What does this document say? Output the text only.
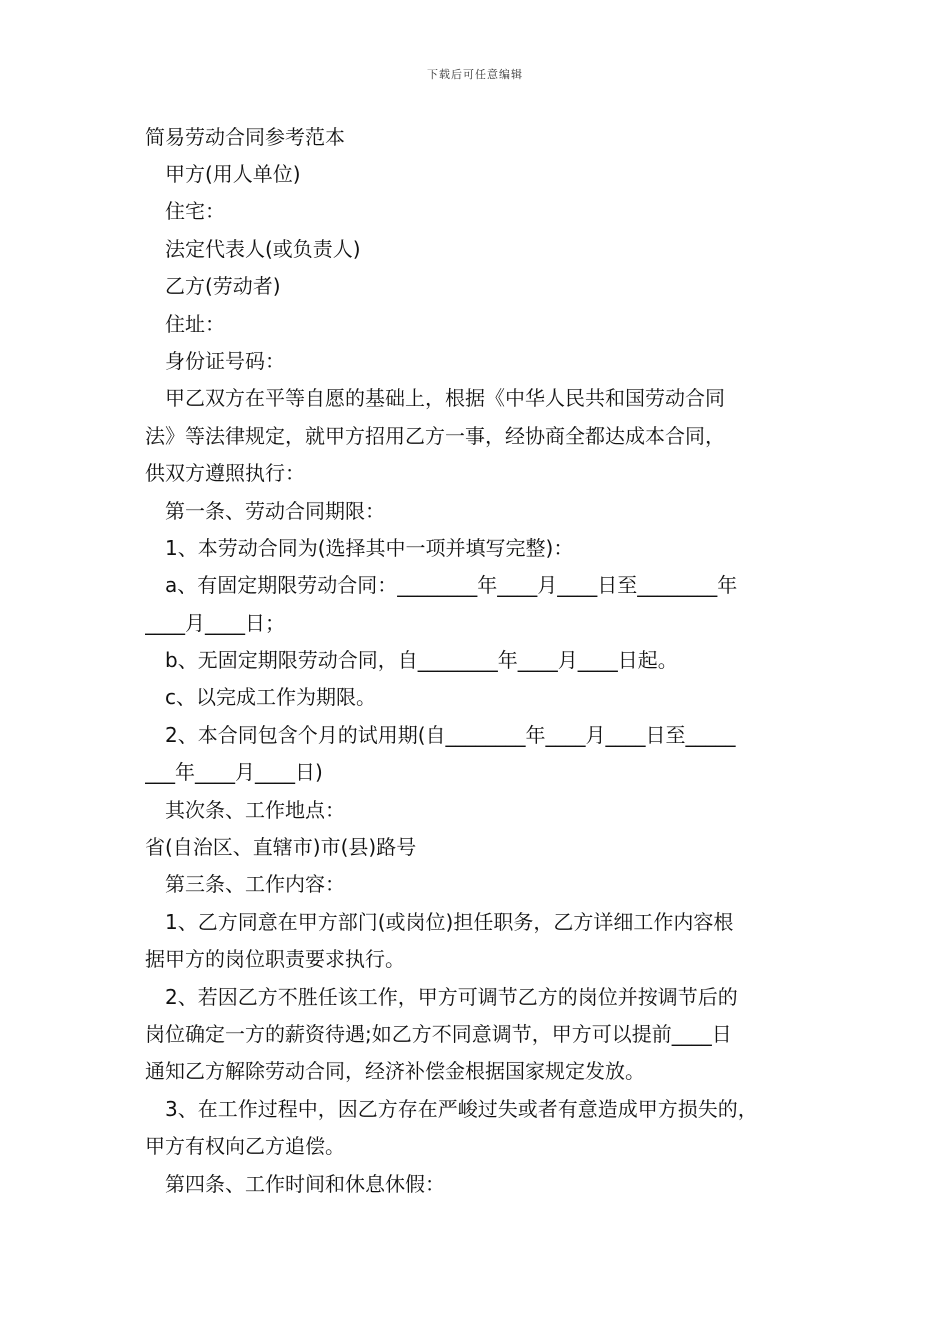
下载后可任意编辑
简易劳动合同参考范本
甲方(用人单位)
住宅：
法定代表人(或负责人)
乙方(劳动者)
住址：
身份证号码：
甲乙双方在平等自愿的基础上，根据《中华人民共和国劳动合同
法》等法律规定，就甲方招用乙方一事，经协商全都达成本合同，
供双方遵照执行：
第一条、劳动合同期限：
1、本劳动合同为(选择其中一项并填写完整)：
a、有固定期限劳动合同：________年____月____日至________年
____月____日；
b、无固定期限劳动合同，自________年____月____日起。
c、以完成工作为期限。
2、本合同包含个月的试用期(自________年____月____日至_____
___年____月____日)
其次条、工作地点：
省(自治区、直辖市)市(县)路号
第三条、工作内容：
1、乙方同意在甲方部门(或岗位)担任职务，乙方详细工作内容根
据甲方的岗位职责要求执行。
2、若因乙方不胜任该工作，甲方可调节乙方的岗位并按调节后的
岗位确定一方的薪资待遇;如乙方不同意调节，甲方可以提前____日
通知乙方解除劳动合同，经济补偿金根据国家规定发放。
3、在工作过程中，因乙方存在严峻过失或者有意造成甲方损失的，
甲方有权向乙方追偿。
第四条、工作时间和休息休假：
